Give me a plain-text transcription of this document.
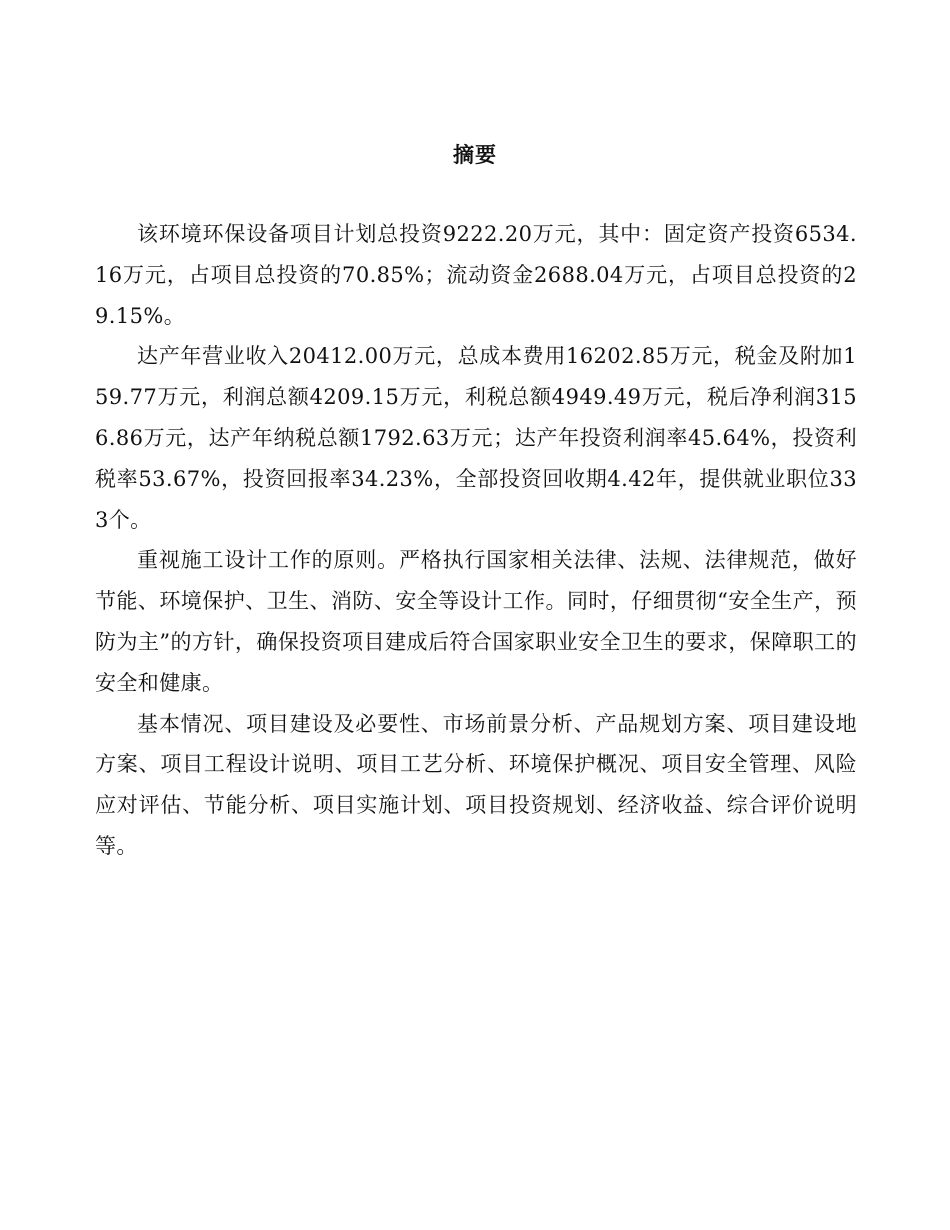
摘要

该环境环保设备项目计划总投资9222.20万元，其中：固定资产投资6534.16万元，占项目总投资的70.85%；流动资金2688.04万元，占项目总投资的29.15%。

达产年营业收入20412.00万元，总成本费用16202.85万元，税金及附加159.77万元，利润总额4209.15万元，利税总额4949.49万元，税后净利润3156.86万元，达产年纳税总额1792.63万元；达产年投资利润率45.64%，投资利税率53.67%，投资回报率34.23%，全部投资回收期4.42年，提供就业职位333个。

重视施工设计工作的原则。严格执行国家相关法律、法规、法律规范，做好节能、环境保护、卫生、消防、安全等设计工作。同时，仔细贯彻“安全生产，预防为主”的方针，确保投资项目建成后符合国家职业安全卫生的要求，保障职工的安全和健康。

基本情况、项目建设及必要性、市场前景分析、产品规划方案、项目建设地方案、项目工程设计说明、项目工艺分析、环境保护概况、项目安全管理、风险应对评估、节能分析、项目实施计划、项目投资规划、经济收益、综合评价说明等。
